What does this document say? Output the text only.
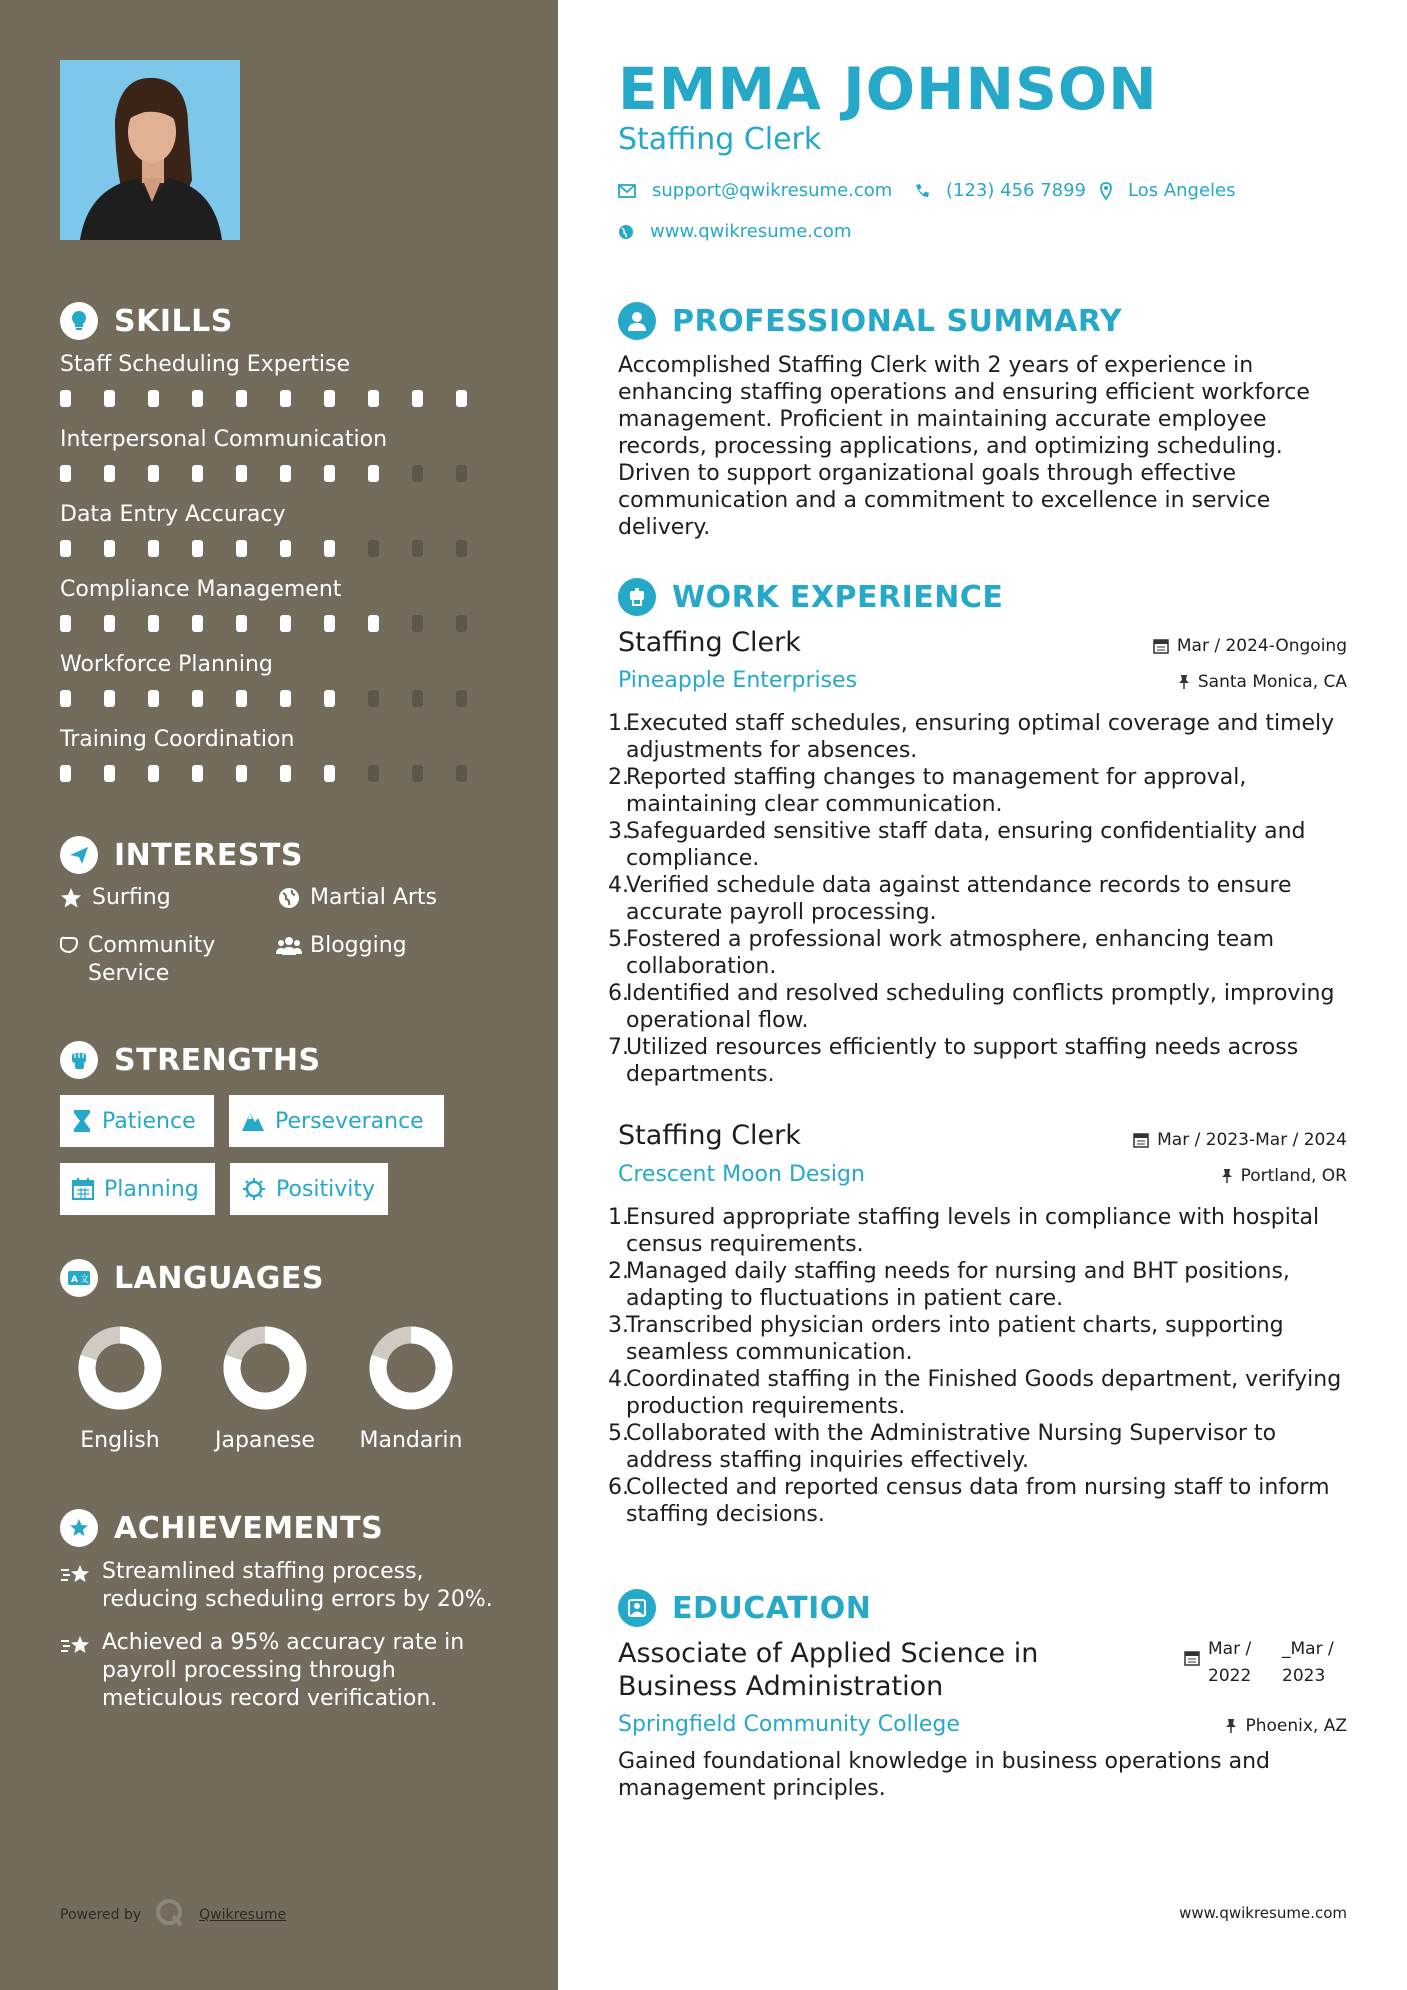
SKILLS
Staff Scheduling Expertise
Interpersonal Communication
Data Entry Accuracy
Compliance Management
Workforce Planning
Training Coordination
INTERESTS
Surfing	Martial Arts
Community Service
Blogging
STRENGTHS
Patience	Perseverance
Planning	Positivity
A 文 LANGUAGES
English	Japanese	Mandarin
ACHIEVEMENTS
Streamlined staffing process, reducing scheduling errors by 20%.
Achieved a 95% accuracy rate in payroll processing through meticulous record verification.
Powered by	Qwikresume
EMMA JOHNSON
Staffing Clerk
support@qwikresume.com	(123) 456 7899 Los Angeles
www.qwikresume.com
PROFESSIONAL SUMMARY
Accomplished Staffing Clerk with 2 years of experience in enhancing staffing operations and ensuring efficient workforce management. Proficient in maintaining accurate employee records, processing applications, and optimizing scheduling. Driven to support organizational goals through effective communication and a commitment to excellence in service delivery.
WORK EXPERIENCE
Staffing Clerk	Mar / 2024-Ongoing
Pineapple Enterprises	Santa Monica, CA
1.
Executed staff schedules, ensuring optimal coverage and timely adjustments for absences.
2.
Reported staffing changes to management for approval, maintaining clear communication.
3.
Safeguarded sensitive staff data, ensuring confidentiality and compliance.
4.
Verified schedule data against attendance records to ensure accurate payroll processing.
5.
Fostered a professional work atmosphere, enhancing team collaboration.
6.
Identified and resolved scheduling conflicts promptly, improving operational flow.
7.
Utilized resources efficiently to support staffing needs across departments.
Staffing Clerk	Mar / 2023-Mar / 2024
Crescent Moon Design	Portland, OR
1.
Ensured appropriate staffing levels in compliance with hospital census requirements.
2.
Managed daily staffing needs for nursing and BHT positions, adapting to fluctuations in patient care.
3.
Transcribed physician orders into patient charts, supporting seamless communication.
4.
Coordinated staffing in the Finished Goods department, verifying production requirements.
5.
Collaborated with the Administrative Nursing Supervisor to address staffing inquiries effectively.
6.
Collected and reported census data from nursing staff to inform staffing decisions.
EDUCATION
Associate of Applied Science in Business Administration
Mar /
2022
_Mar /
2023
Springfield Community College	Phoenix, AZ
Gained foundational knowledge in business operations and management principles.
www.qwikresume.com
